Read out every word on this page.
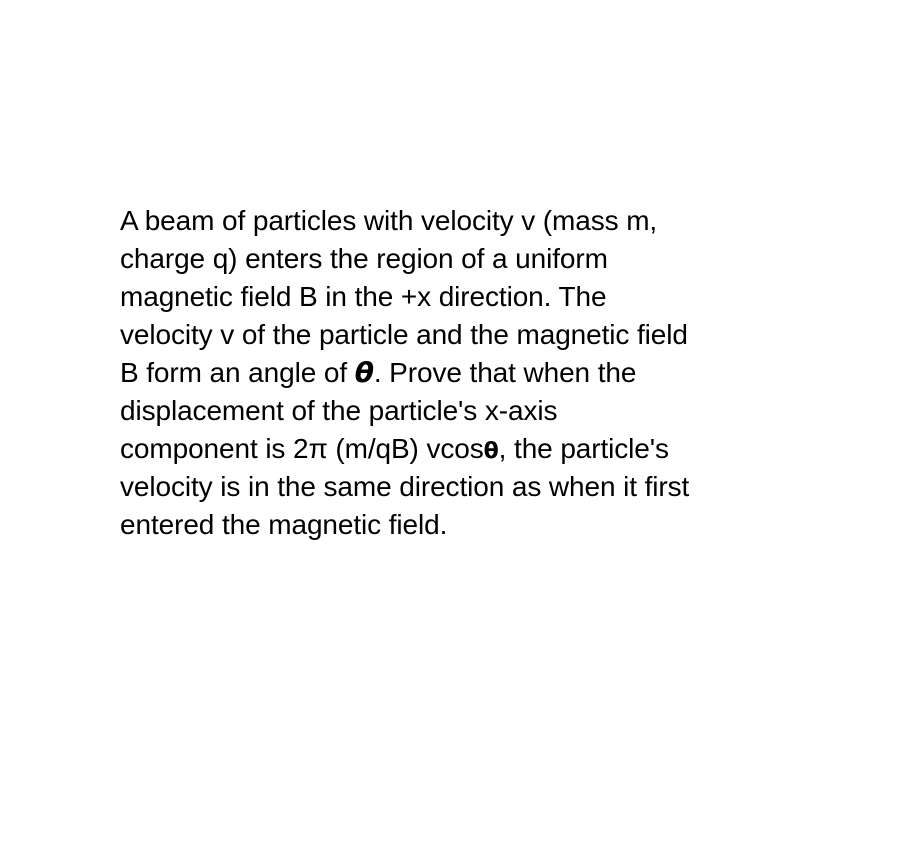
A beam of particles with velocity v (mass m,
charge q) enters the region of a uniform
magnetic field B in the +x direction. The
velocity v of the particle and the magnetic field
B form an angle of θ. Prove that when the
displacement of the particle's x-axis
component is 2π (m/qB) vcosθ, the particle's
velocity is in the same direction as when it first
entered the magnetic field.
